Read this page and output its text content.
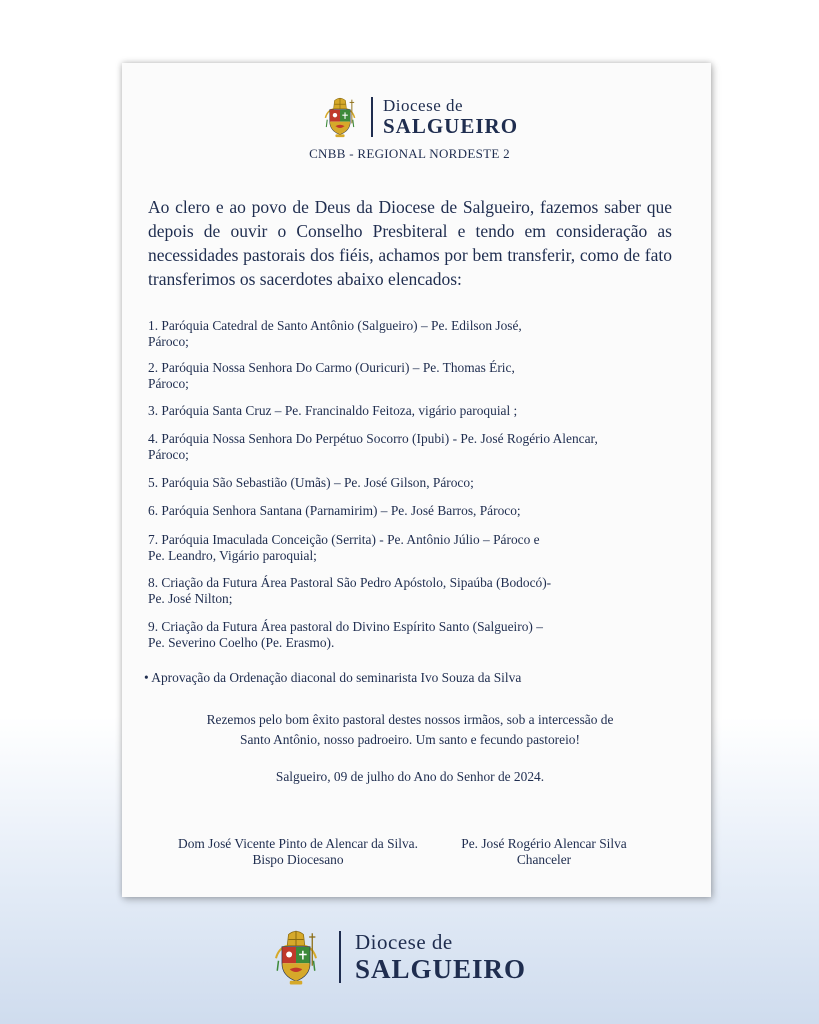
Diocese de
SALGUEIRO
CNBB - REGIONAL NORDESTE 2
Ao clero e ao povo de Deus da Diocese de Salgueiro, fazemos saber que depois de ouvir o Conselho Presbiteral e tendo em consideração as necessidades pastorais dos fiéis, achamos por bem transferir, como de fato transferimos os sacerdotes abaixo elencados:
1. Paróquia Catedral de Santo Antônio (Salgueiro) – Pe. Edilson José,
Pároco;
2. Paróquia Nossa Senhora Do Carmo (Ouricuri) – Pe. Thomas Éric,
Pároco;
3. Paróquia Santa Cruz – Pe. Francinaldo Feitoza, vigário paroquial ;
4. Paróquia Nossa Senhora Do Perpétuo Socorro (Ipubi) - Pe. José Rogério Alencar,
Pároco;
5. Paróquia São Sebastião (Umãs) – Pe. José Gilson, Pároco;
6. Paróquia Senhora Santana (Parnamirim) – Pe. José Barros, Pároco;
7. Paróquia Imaculada Conceição (Serrita) - Pe. Antônio Júlio – Pároco e
Pe. Leandro, Vigário paroquial;
8. Criação da Futura Área Pastoral São Pedro Apóstolo, Sipaúba (Bodocó)-
Pe. José Nilton;
9. Criação da Futura Área pastoral do Divino Espírito Santo (Salgueiro) –
Pe. Severino Coelho (Pe. Erasmo).
• Aprovação da Ordenação diaconal do seminarista Ivo Souza da Silva
Rezemos pelo bom êxito pastoral destes nossos irmãos, sob a intercessão de
Santo Antônio, nosso padroeiro. Um santo e fecundo pastoreio!
Salgueiro, 09 de julho do Ano do Senhor de 2024.
Dom José Vicente Pinto de Alencar da Silva.
Bispo Diocesano
Pe. José Rogério Alencar Silva
Chanceler
Diocese de
SALGUEIRO
